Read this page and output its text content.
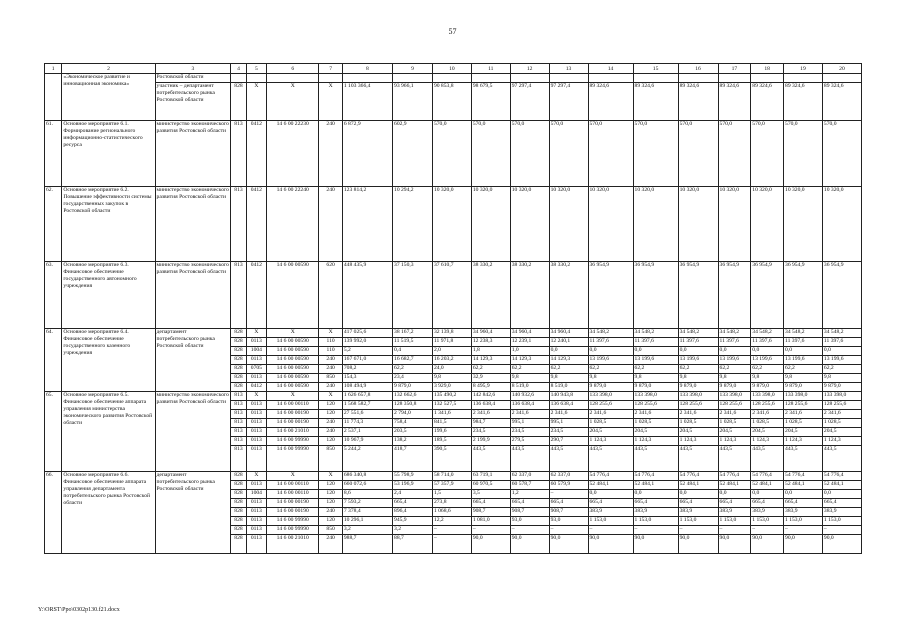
57
1	2	3	4	5	6	7	8	9	10	11	12	13	14	15	16	17	18	19	20
	«Экономическое развитие и инновационная экономика»	Ростовской области																	
		участник – департамент потребительского рынка Ростовской области	828	X	X	X	1 103 366,4	93 966,1	90 853,8	98 679,5	97 297,4	97 297,4	89 324,6	89 324,6	89 324,6	89 324,6	89 324,6	89 324,6	89 324,6
61.	Основное мероприятие 6.1. Формирование регионального информационно-статистического ресурса	министерство экономического развития Ростовской области	813	0412	14 6 00 22230	240	6 872,9	602,9	570,0	570,0	570,0	570,0	570,0	570,0	570,0	570,0	570,0	570,0	570,0
62.	Основное мероприятие 6.2. Повышение эффективности системы государственных закупок в Ростовской области	министерство экономического развития Ростовской области	813	0412	14 6 00 22240	240	123 814,2	10 294,2	10 320,0	10 320,0	10 320,0	10 320,0	10 320,0	10 320,0	10 320,0	10 320,0	10 320,0	10 320,0	10 320,0
63.	Основное мероприятие 6.3. Финансовое обеспечение государственного автономного учреждения	министерство экономического развития Ростовской области	813	0412	14 6 00 00590	620	448 435,9	37 150,3	37 610,7	38 330,2	38 330,2	38 330,2	36 954,9	36 954,9	36 954,9	36 954,9	36 954,9	36 954,9	36 954,9
64.	Основное мероприятие 6.4. Финансовое обеспечение государственного казенного учреждения	департамент потребительского рынка Ростовской области	828	X	X	X	417 025,6	38 167,2	32 139,8	34 960,4	34 960,4	34 960,4	34 548,2	34 548,2	34 548,2	34 548,2	34 548,2	34 548,2	34 548,2
			828	0113	14 6 00 00590	110	139 992,0	11 519,5	11 971,8	12 238,3	12 239,1	12 240,1	11 397,6	11 397,6	11 397,6	11 397,6	11 397,6	11 397,6	11 397,6
			828	1004	14 6 00 00590	110	5,2	0,4	2,0	1,8	1,0	0,0	0,0	0,0	0,0	0,0	0,0	0,0	0,0
			828	0113	14 6 00 00590	240	167 671,0	16 682,7	16 203,2	14 129,3	14 129,3	14 129,3	13 199,6	13 199,6	13 199,6	13 199,6	13 199,6	13 199,6	13 199,6
			828	0705	14 6 00 00590	240	708,2	62,2	24,0	62,2	62,2	62,2	62,2	62,2	62,2	62,2	62,2	62,2	62,2
			828	0113	14 6 00 00590	850	154,3	23,4	9,8	32,9	9,8	9,8	9,8	9,8	9,8	9,8	9,8	9,8	9,8
			828	0412	14 6 00 00590	240	108 494,9	9 879,0	3 929,0	8 495,9	8 519,0	8 519,0	9 879,0	9 879,0	9 879,0	9 879,0	9 879,0	9 879,0	9 879,0
65.	Основное мероприятие 6.5. Финансовое обеспечение аппарата управления министерства экономического развития Ростовской области	министерство экономического развития Ростовской области	813	X	X	X	1 626 657,8	132 662,6	135 490,2	142 842,6	140 932,6	140 943,8	133 398,0	133 398,0	133 398,0	133 398,0	133 398,0	133 398,0	133 398,0
			813	0113	14 6 00 00110	120	1 568 582,7	128 350,8	132 527,5	136 638,4	136 638,4	136 638,4	128 255,6	128 255,6	128 255,6	128 255,6	128 255,6	128 255,6	128 255,6
			813	0113	14 6 00 00190	120	27 551,6	2 794,0	1 341,6	2 341,6	2 341,6	2 341,6	2 341,6	2 341,6	2 341,6	2 341,6	2 341,6	2 341,6	2 341,6
			813	0113	14 6 00 00190	240	11 774,3	758,4	841,5	984,7	995,1	995,1	1 028,5	1 028,5	1 028,5	1 028,5	1 028,5	1 028,5	1 028,5
			813	0113	14 6 00 21010	240	2 537,1	203,5	199,6	234,5	234,5	234,5	204,5	204,5	204,5	204,5	204,5	204,5	204,5
			813	0113	14 6 00 99990	120	10 967,9	138,2	189,5	2 199,9	279,5	290,7	1 124,3	1 124,3	1 124,3	1 124,3	1 124,3	1 124,3	1 124,3
			813	0113	14 6 00 99990	850	5 244,2	418,7	390,5	443,5	443,5	443,5	443,5	443,5	443,5	443,5	443,5	443,5	443,5
66.	Основное мероприятие 6.6. Финансовое обеспечение аппарата управления департамента потребительского рынка Ростовской области	департамент потребительского рынка Ростовской области	828	X	X	X	686 340,8	55 798,9	58 714,0	63 719,1	62 337,0	62 337,0	54 776,4	54 776,4	54 776,4	54 776,4	54 776,4	54 776,4	54 776,4
			828	0113	14 6 00 00110	120	660 072,6	53 196,9	57 357,9	60 970,5	60 578,7	60 579,9	52 484,1	52 484,1	52 484,1	52 484,1	52 484,1	52 484,1	52 484,1
			828	1004	14 6 00 00110	120	8,6	2,4	1,5	3,5	1,2	–	0,0	0,0	0,0	0,0	0,0	0,0	0,0
			828	0113	14 6 00 00190	120	7 593,2	665,4	273,8	665,4	665,4	665,4	665,4	665,4	665,4	665,4	665,4	665,4	665,4
			828	0113	14 6 00 00190	240	7 378,4	896,4	1 068,6	908,7	908,7	908,7	383,9	383,9	383,9	383,9	383,9	383,9	383,9
			828	0113	14 6 00 99990	120	10 296,1	945,9	12,2	1 081,0	93,0	93,0	1 153,0	1 153,0	1 153,0	1 153,0	1 153,0	1 153,0	1 153,0
			828	0113	14 6 00 99990	850	3,2	3,2	–	–	–	–	–	–	–	–	–	–	–
			828	0113	14 6 00 21010	240	988,7	88,7	–	90,0	90,0	90,0	90,0	90,0	90,0	90,0	90,0	90,0	90,0
Y:\ORST\Ppo\0302p130.f21.docx
